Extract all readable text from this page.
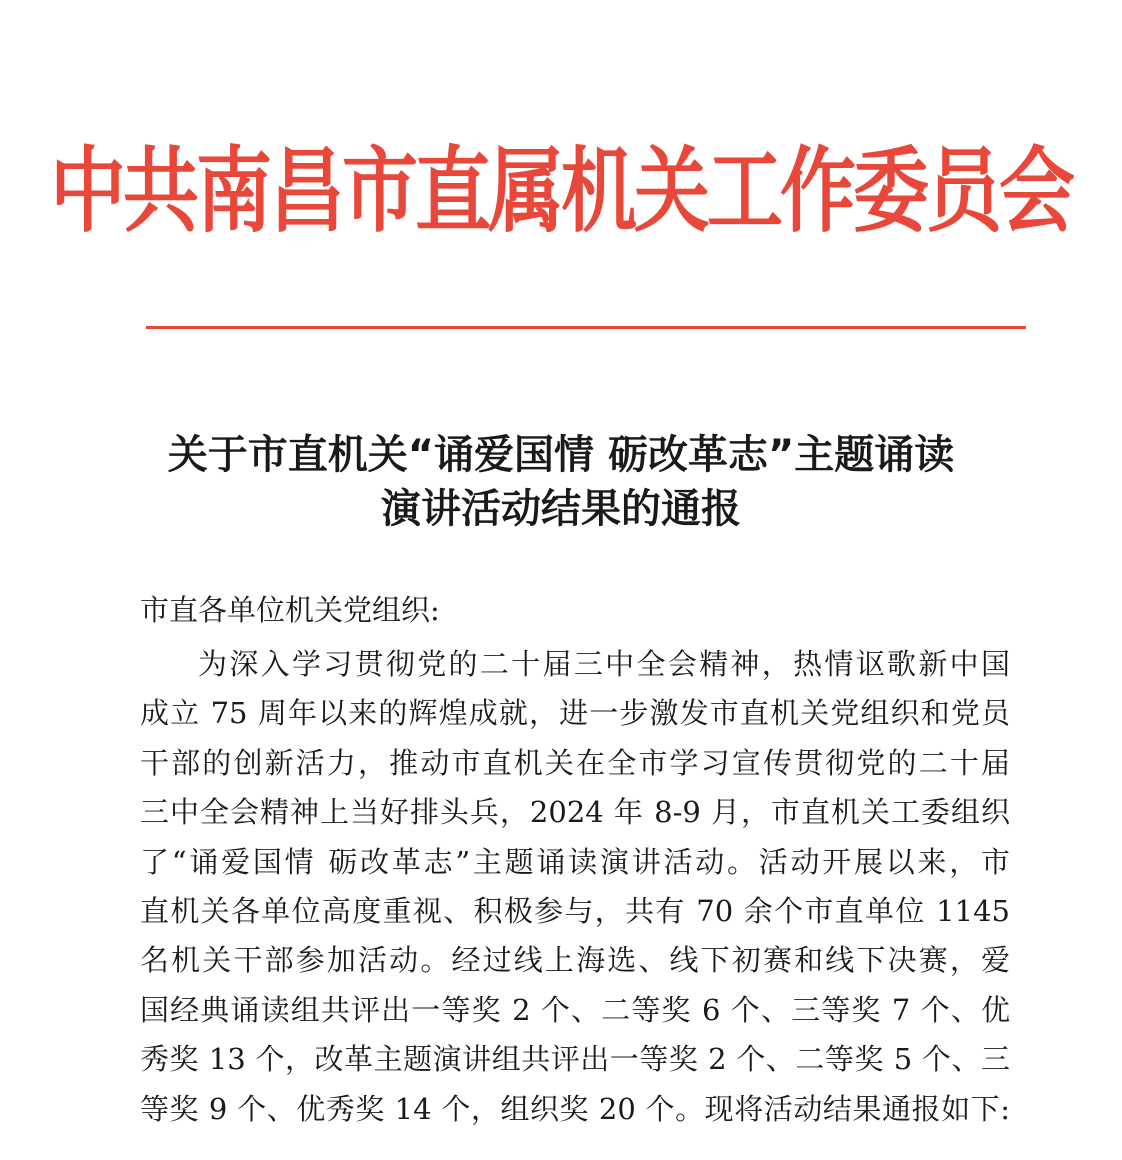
中共南昌市直属机关工作委员会
关于市直机关“诵爱国情 砺改革志”主题诵读
演讲活动结果的通报
市直各单位机关党组织:
为深入学习贯彻党的二十届三中全会精神，热情讴歌新中国
成立 75 周年以来的辉煌成就，进一步激发市直机关党组织和党员
干部的创新活力，推动市直机关在全市学习宣传贯彻党的二十届
三中全会精神上当好排头兵，2024 年 8-9 月，市直机关工委组织
了“诵爱国情 砺改革志”主题诵读演讲活动。活动开展以来，市
直机关各单位高度重视、积极参与，共有 70 余个市直单位 1145
名机关干部参加活动。经过线上海选、线下初赛和线下决赛，爱
国经典诵读组共评出一等奖 2 个、二等奖 6 个、三等奖 7 个、优
秀奖 13 个，改革主题演讲组共评出一等奖 2 个、二等奖 5 个、三
等奖 9 个、优秀奖 14 个，组织奖 20 个。现将活动结果通报如下:
